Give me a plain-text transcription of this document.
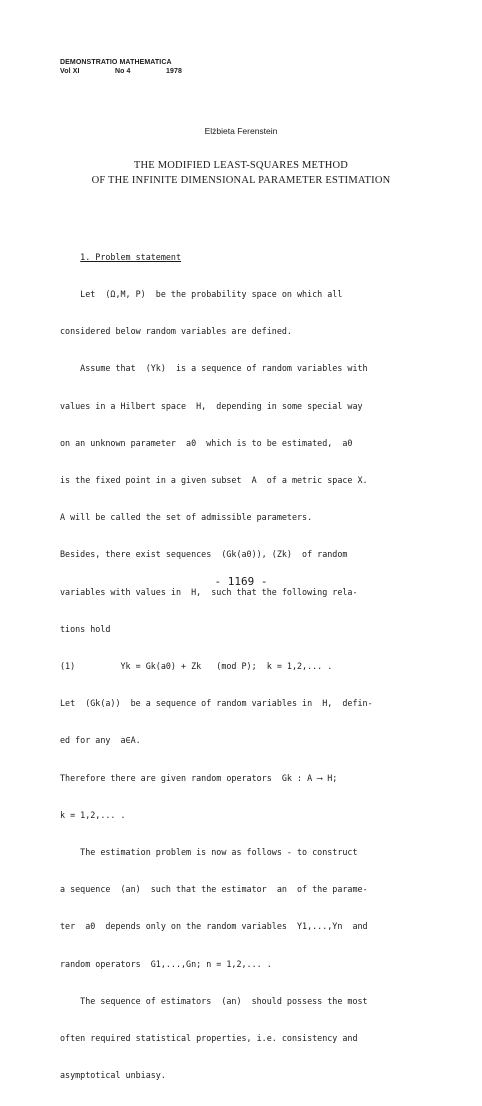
DEMONSTRATIO MATHEMATICA
Vol XI	No 4	1978
Elżbieta Ferenstein
THE MODIFIED LEAST-SQUARES METHOD
OF THE INFINITE DIMENSIONAL PARAMETER ESTIMATION

1. Problem statement

Let  (Ω,M, P)  be the probability space on which all

considered below random variables are defined.

Assume that  (Yk)  is a sequence of random variables with

values in a Hilbert space  H,  depending in some special way

on an unknown parameter  a0  which is to be estimated,  a0

is the fixed point in a given subset  A  of a metric space X.

A will be called the set of admissible parameters.

Besides, there exist sequences  (Gk(a0)), (Zk)  of random

variables with values in  H,  such that the following rela-

tions hold

(1)         Yk = Gk(a0) + Zk   (mod P);  k = 1,2,... .

Let  (Gk(a))  be a sequence of random variables in  H,  defin-

ed for any  a∈A.

Therefore there are given random operators  Gk : A ⟶ H;

k = 1,2,... .

The estimation problem is now as follows - to construct

a sequence  (an)  such that the estimator  an  of the parame-

ter  a0  depends only on the random variables  Y1,...,Yn  and

random operators  G1,...,Gn; n = 1,2,... .

The sequence of estimators  (an)  should possess the most

often required statistical properties, i.e. consistency and

asymptotical unbiasy.

- 1169 -
